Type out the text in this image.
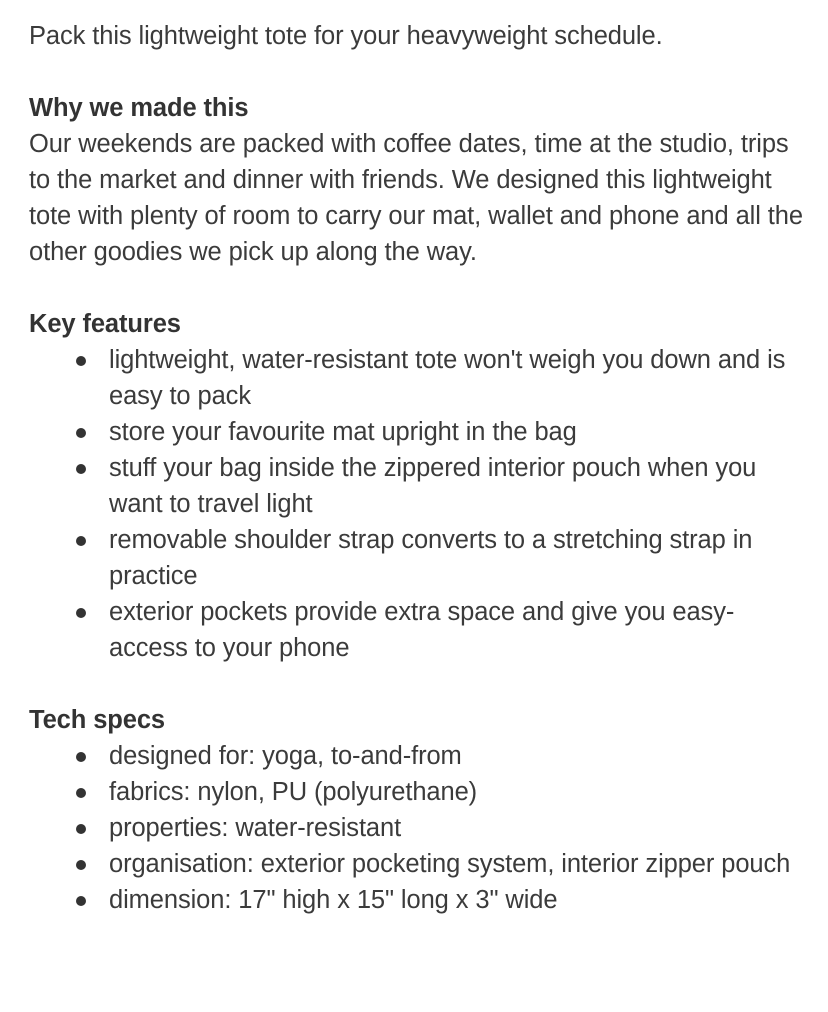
Pack this lightweight tote for your heavyweight schedule.

Why we made this

Our weekends are packed with coffee dates, time at the studio, trips to the market and dinner with friends. We designed this lightweight tote with plenty of room to carry our mat, wallet and phone and all the other goodies we pick up along the way.

Key features

lightweight, water-resistant tote won't weigh you down and is easy to pack
store your favourite mat upright in the bag
stuff your bag inside the zippered interior pouch when you want to travel light
removable shoulder strap converts to a stretching strap in practice
exterior pockets provide extra space and give you easy-access to your phone

Tech specs

designed for: yoga, to-and-from
fabrics: nylon, PU (polyurethane)
properties: water-resistant
organisation: exterior pocketing system, interior zipper pouch
dimension: 17" high x 15" long x 3" wide
